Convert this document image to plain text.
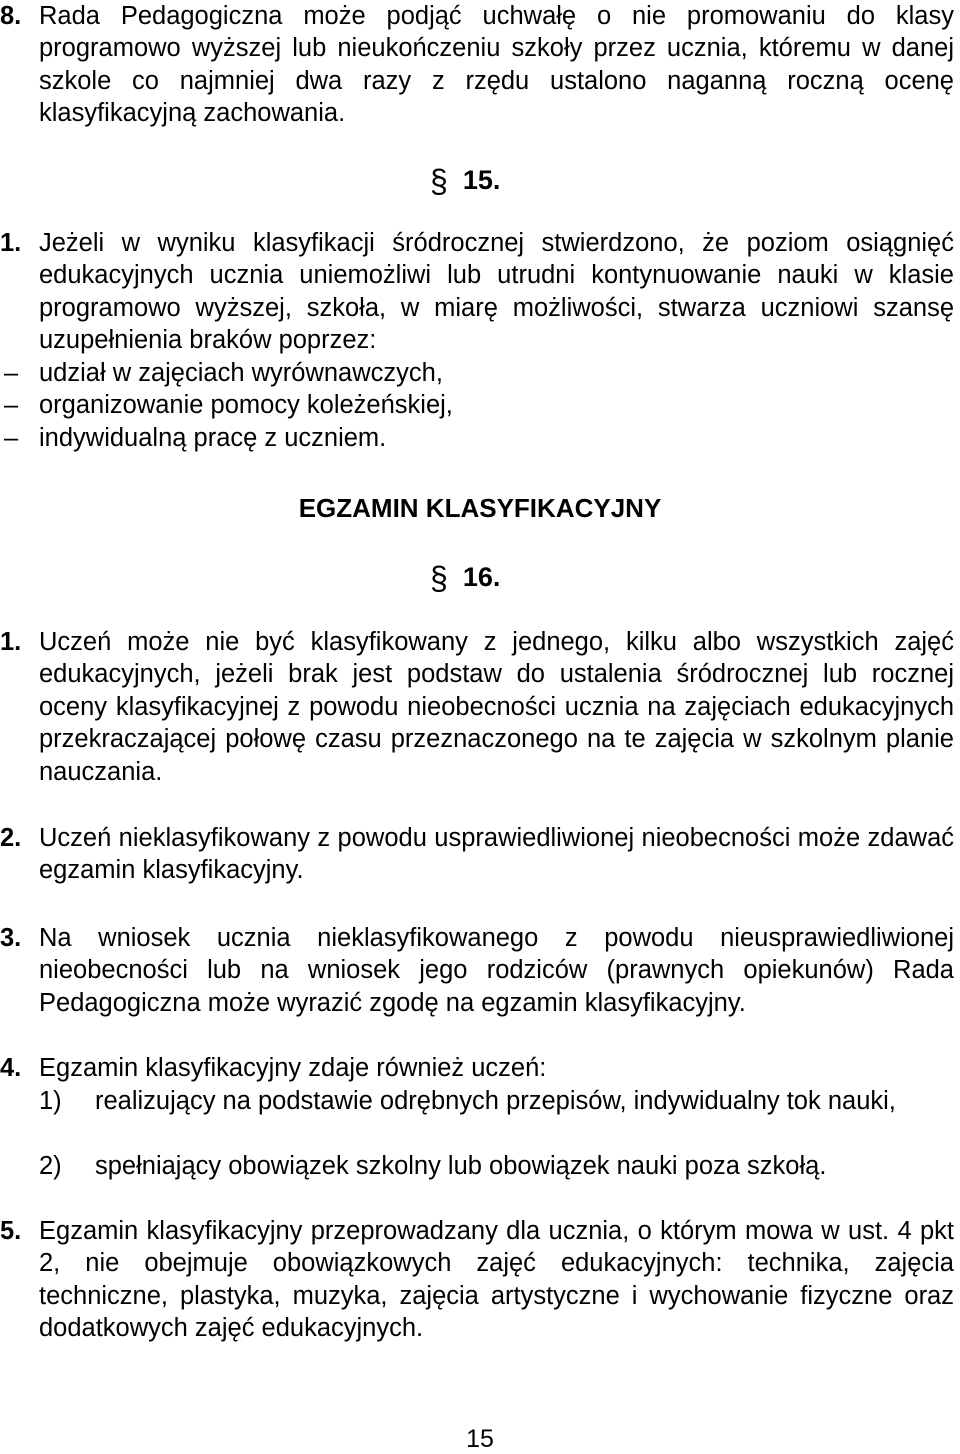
8. Rada Pedagogiczna może podjąć uchwałę o nie promowaniu do klasy programowo wyższej lub nieukończeniu szkoły przez ucznia, któremu w danej szkole co najmniej dwa razy z rzędu ustalono naganną roczną ocenę klasyfikacyjną zachowania.
§ 15.
1. Jeżeli w wyniku klasyfikacji śródrocznej stwierdzono, że poziom osiągnięć edukacyjnych ucznia uniemożliwi lub utrudni kontynuowanie nauki w klasie programowo wyższej, szkoła, w miarę możliwości, stwarza uczniowi szansę uzupełnienia braków poprzez:
– udział w zajęciach wyrównawczych,
– organizowanie pomocy koleżeńskiej,
– indywidualną pracę z uczniem.
EGZAMIN KLASYFIKACYJNY
§ 16.
1. Uczeń może nie być klasyfikowany z jednego, kilku albo wszystkich zajęć edukacyjnych, jeżeli brak jest podstaw do ustalenia śródrocznej lub rocznej oceny klasyfikacyjnej z powodu nieobecności ucznia na zajęciach edukacyjnych przekraczającej połowę czasu przeznaczonego na te zajęcia w szkolnym planie nauczania.
2. Uczeń nieklasyfikowany z powodu usprawiedliwionej nieobecności może zdawać egzamin klasyfikacyjny.
3. Na wniosek ucznia nieklasyfikowanego z powodu nieusprawiedliwionej nieobecności lub na wniosek jego rodziców (prawnych opiekunów) Rada Pedagogiczna może wyrazić zgodę na egzamin klasyfikacyjny.
4. Egzamin klasyfikacyjny zdaje również uczeń:
1)	realizujący na podstawie odrębnych przepisów, indywidualny tok nauki,
2)	spełniający obowiązek szkolny lub obowiązek nauki poza szkołą.
5. Egzamin klasyfikacyjny przeprowadzany dla ucznia, o którym mowa w ust. 4 pkt 2, nie obejmuje obowiązkowych zajęć edukacyjnych: technika, zajęcia techniczne, plastyka, muzyka, zajęcia artystyczne i wychowanie fizyczne oraz dodatkowych zajęć edukacyjnych.
15
